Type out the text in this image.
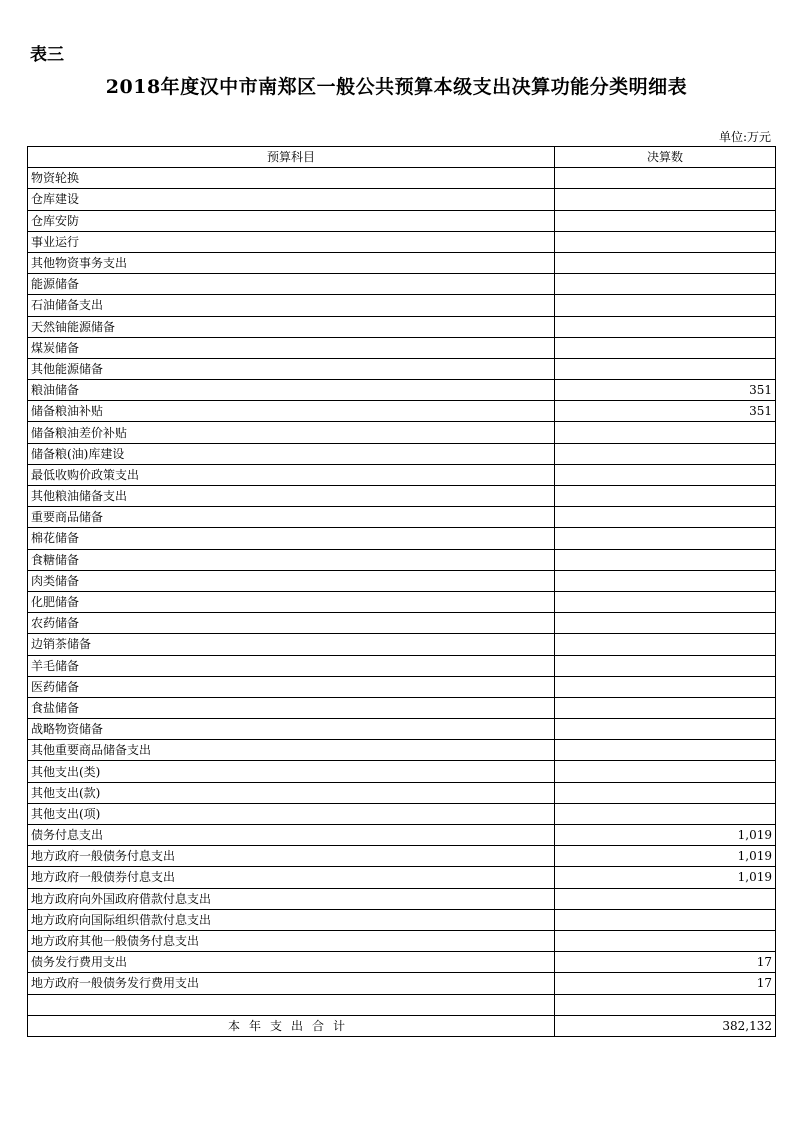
表三
2018年度汉中市南郑区一般公共预算本级支出决算功能分类明细表
单位:万元
预算科目	决算数
物资轮换	
仓库建设	
仓库安防	
事业运行	
其他物资事务支出	
能源储备	
石油储备支出	
天然铀能源储备	
煤炭储备	
其他能源储备	
粮油储备	351
储备粮油补贴	351
储备粮油差价补贴	
储备粮(油)库建设	
最低收购价政策支出	
其他粮油储备支出	
重要商品储备	
棉花储备	
食糖储备	
肉类储备	
化肥储备	
农药储备	
边销茶储备	
羊毛储备	
医药储备	
食盐储备	
战略物资储备	
其他重要商品储备支出	
其他支出(类)	
其他支出(款)	
其他支出(项)	
债务付息支出	1,019
地方政府一般债务付息支出	1,019
地方政府一般债券付息支出	1,019
地方政府向外国政府借款付息支出	
地方政府向国际组织借款付息支出	
地方政府其他一般债务付息支出	
债务发行费用支出	17
地方政府一般债务发行费用支出	17

本年支出合计	382,132
